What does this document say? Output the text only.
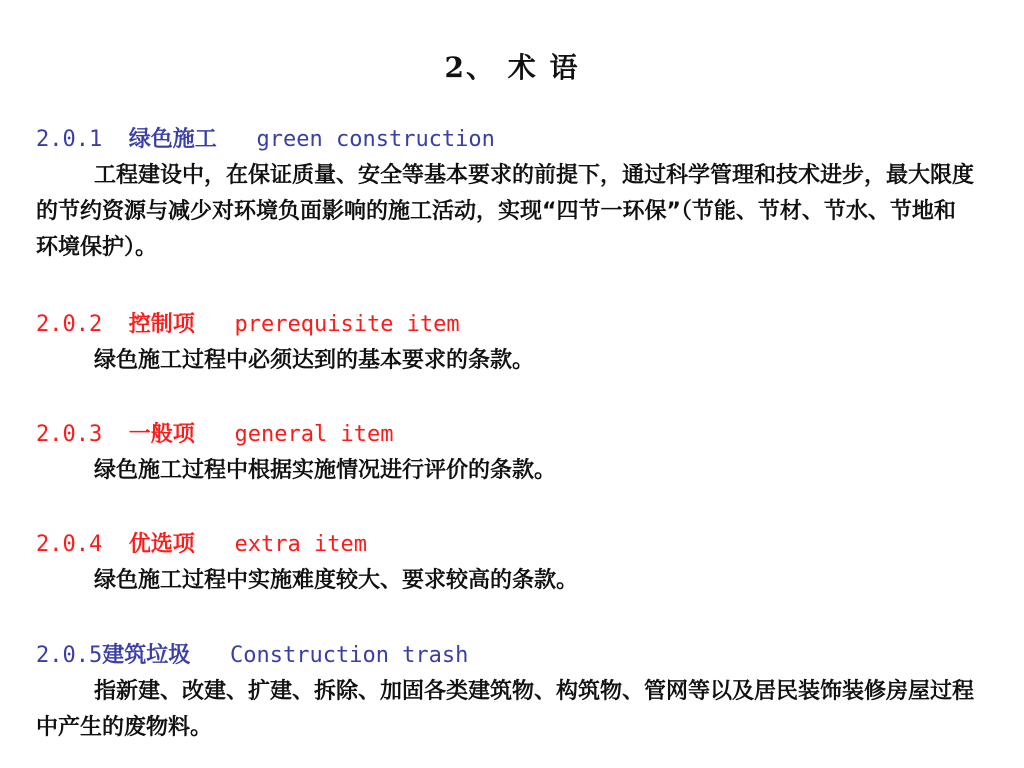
2、 术 语
2.0.1 绿色施工 green construction
工程建设中，在保证质量、安全等基本要求的前提下，通过科学管理和技术进步，最大限度的节约资源与减少对环境负面影响的施工活动，实现“四节一环保”（节能、节材、节水、节地和环境保护）。
2.0.2 控制项 prerequisite item
绿色施工过程中必须达到的基本要求的条款。
2.0.3 一般项 general item
绿色施工过程中根据实施情况进行评价的条款。
2.0.4 优选项 extra item
绿色施工过程中实施难度较大、要求较高的条款。
2.0.5建筑垃圾 Construction trash
指新建、改建、扩建、拆除、加固各类建筑物、构筑物、管网等以及居民装饰装修房屋过程中产生的废物料。
